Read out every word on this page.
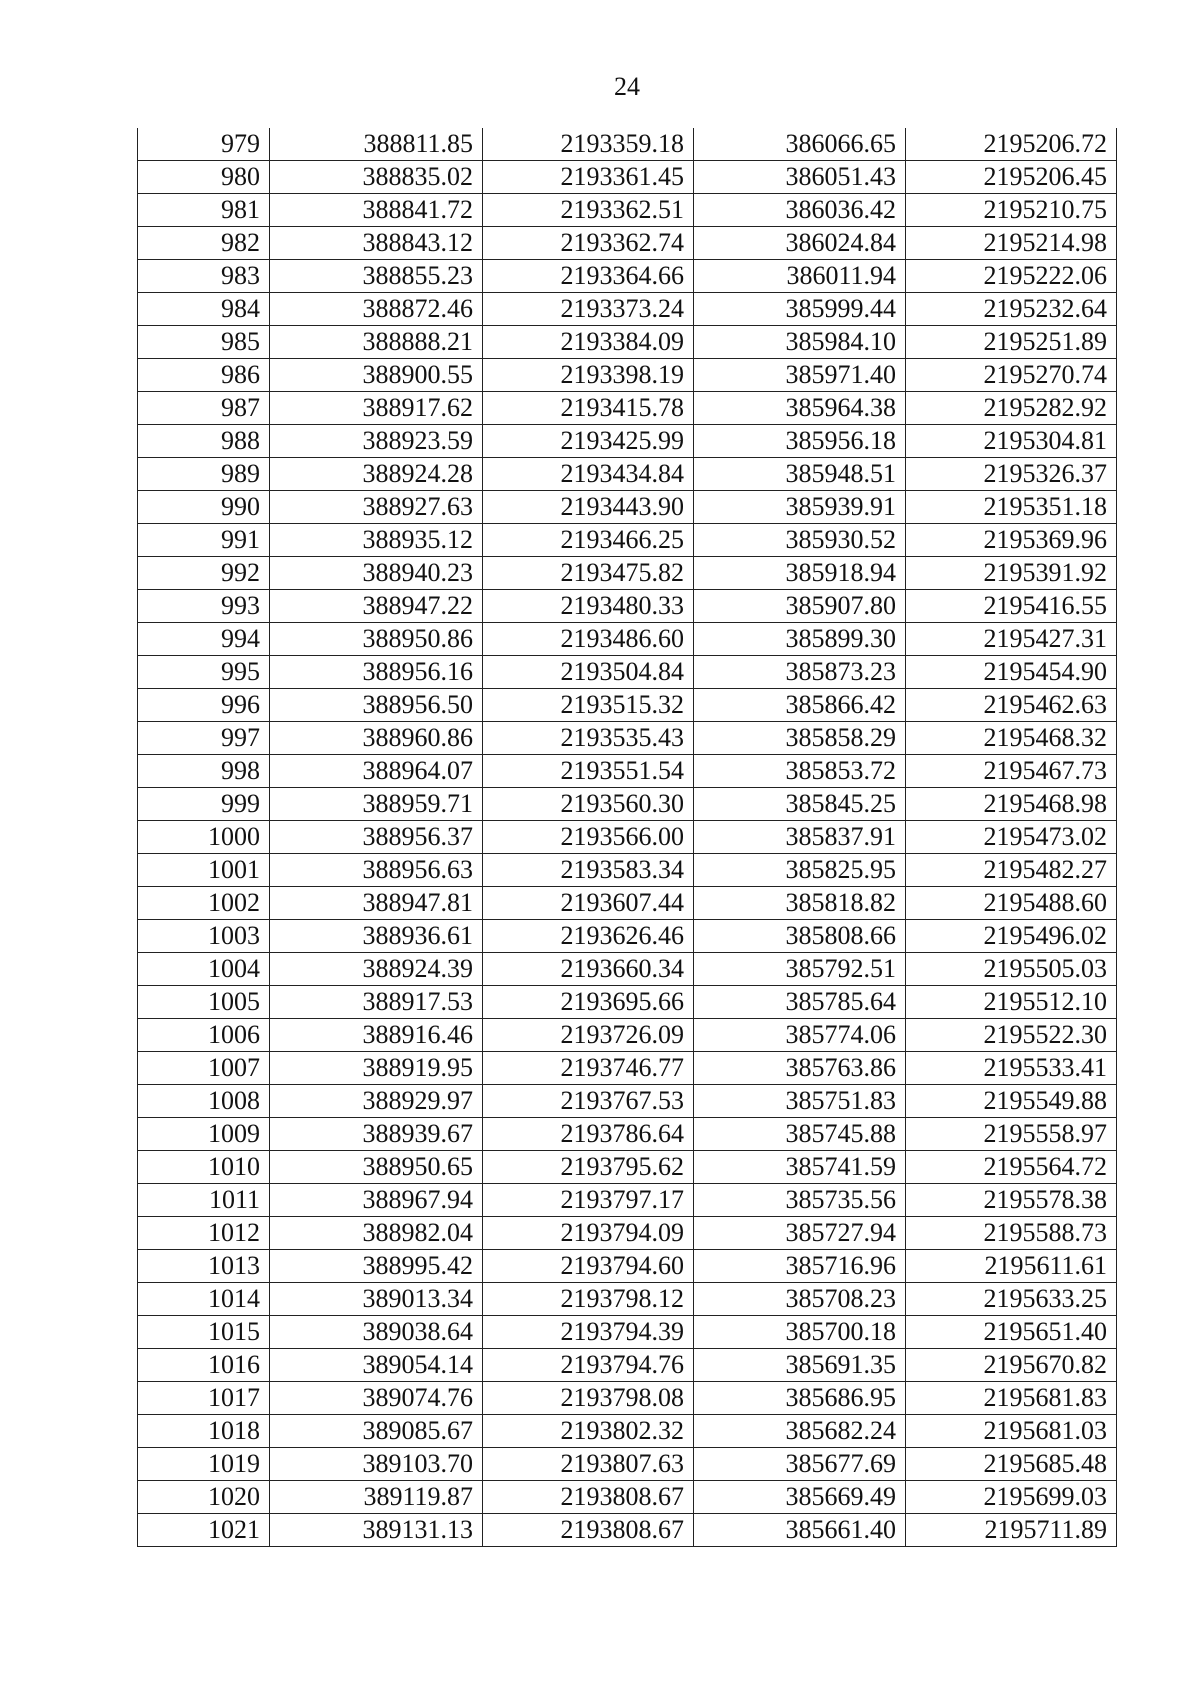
24
979	388811.85	2193359.18	386066.65	2195206.72
980	388835.02	2193361.45	386051.43	2195206.45
981	388841.72	2193362.51	386036.42	2195210.75
982	388843.12	2193362.74	386024.84	2195214.98
983	388855.23	2193364.66	386011.94	2195222.06
984	388872.46	2193373.24	385999.44	2195232.64
985	388888.21	2193384.09	385984.10	2195251.89
986	388900.55	2193398.19	385971.40	2195270.74
987	388917.62	2193415.78	385964.38	2195282.92
988	388923.59	2193425.99	385956.18	2195304.81
989	388924.28	2193434.84	385948.51	2195326.37
990	388927.63	2193443.90	385939.91	2195351.18
991	388935.12	2193466.25	385930.52	2195369.96
992	388940.23	2193475.82	385918.94	2195391.92
993	388947.22	2193480.33	385907.80	2195416.55
994	388950.86	2193486.60	385899.30	2195427.31
995	388956.16	2193504.84	385873.23	2195454.90
996	388956.50	2193515.32	385866.42	2195462.63
997	388960.86	2193535.43	385858.29	2195468.32
998	388964.07	2193551.54	385853.72	2195467.73
999	388959.71	2193560.30	385845.25	2195468.98
1000	388956.37	2193566.00	385837.91	2195473.02
1001	388956.63	2193583.34	385825.95	2195482.27
1002	388947.81	2193607.44	385818.82	2195488.60
1003	388936.61	2193626.46	385808.66	2195496.02
1004	388924.39	2193660.34	385792.51	2195505.03
1005	388917.53	2193695.66	385785.64	2195512.10
1006	388916.46	2193726.09	385774.06	2195522.30
1007	388919.95	2193746.77	385763.86	2195533.41
1008	388929.97	2193767.53	385751.83	2195549.88
1009	388939.67	2193786.64	385745.88	2195558.97
1010	388950.65	2193795.62	385741.59	2195564.72
1011	388967.94	2193797.17	385735.56	2195578.38
1012	388982.04	2193794.09	385727.94	2195588.73
1013	388995.42	2193794.60	385716.96	2195611.61
1014	389013.34	2193798.12	385708.23	2195633.25
1015	389038.64	2193794.39	385700.18	2195651.40
1016	389054.14	2193794.76	385691.35	2195670.82
1017	389074.76	2193798.08	385686.95	2195681.83
1018	389085.67	2193802.32	385682.24	2195681.03
1019	389103.70	2193807.63	385677.69	2195685.48
1020	389119.87	2193808.67	385669.49	2195699.03
1021	389131.13	2193808.67	385661.40	2195711.89
